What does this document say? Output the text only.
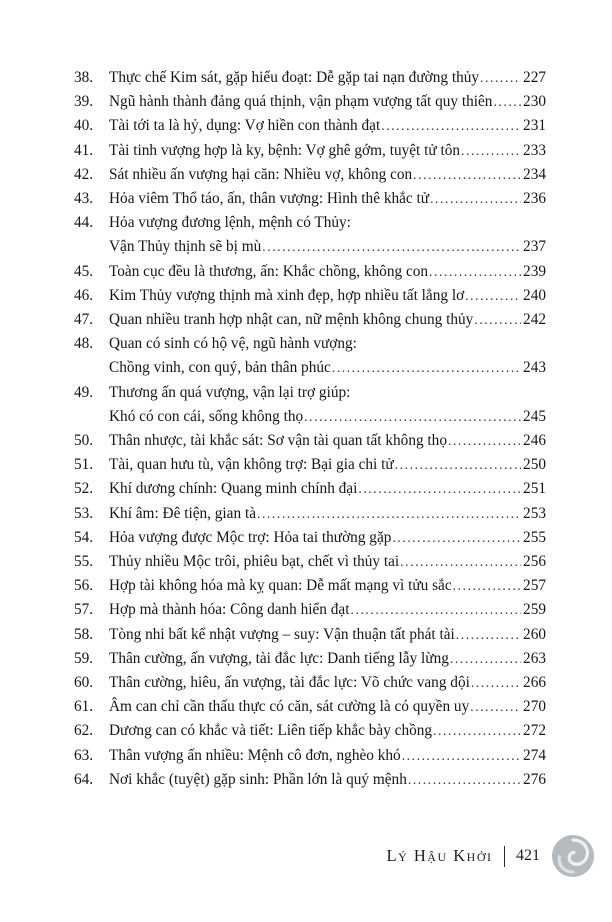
38.	Thực chế Kim sát, gặp hiểu đoạt: Dễ gặp tai nạn đường thủy .....	227
39.	Ngũ hành thành đảng quá thịnh, vận phạm vượng tất quy thiên ..... 230
40.	Tài tới ta là hỷ, dụng: Vợ hiền con thành đạt .....	231
41.	Tài tinh vượng hợp là ky, bệnh: Vợ ghê gớm, tuyệt tử tôn .....	233
42.	Sát nhiều ấn vượng hại căn: Nhiều vợ, không con .....	234
43.	Hỏa viêm Thổ táo, ấn, thân vượng: Hình thê khắc tử .....	236
44.	Hỏa vượng đương lệnh, mệnh có Thủy:
Vận Thủy thịnh sẽ bị mù .....	237
45.	Toàn cục đều là thương, ấn: Khắc chồng, không con .....	239
46.	Kim Thủy vượng thịnh mà xinh đẹp, hợp nhiều tất lẳng lơ .....	240
47.	Quan nhiều tranh hợp nhật can, nữ mệnh không chung thủy .....	242
48.	Quan có sinh có hộ vệ, ngũ hành vượng:
Chồng vinh, con quý, bản thân phúc .....	243
49.	Thương ấn quá vượng, vận lại trợ giúp:
Khó có con cái, sống không thọ .....	245
50.	Thân nhược, tài khắc sát: Sơ vận tài quan tất không thọ .....	246
51.	Tài, quan hưu tù, vận không trợ: Bại gia chi tử .....	250
52.	Khí dương chính: Quang minh chính đại .....	251
53.	Khí âm: Đê tiện, gian tà .....	253
54.	Hỏa vượng được Mộc trợ: Hỏa tai thường gặp .....	255
55.	Thủy nhiều Mộc trôi, phiêu bạt, chết vì thủy tai .....	256
56.	Hợp tài không hóa mà kỵ quan: Dễ mất mạng vì tửu sắc .....	257
57.	Hợp mà thành hóa: Công danh hiển đạt .....	259
58.	Tòng nhi bất kể nhật vượng – suy: Vận thuận tất phát tài .....	260
59.	Thân cường, ấn vượng, tài đắc lực: Danh tiếng lẫy lừng .....	263
60.	Thân cường, hiêu, ấn vượng, tài đắc lực: Võ chức vang dội .....	266
61.	Âm can chỉ cần thấu thực có căn, sát cường là có quyền uy .....	270
62.	Dương can có khắc và tiết: Liên tiếp khắc bày chồng .....	272
63.	Thân vượng ấn nhiều: Mệnh cô đơn, nghèo khó .....	274
64.	Nơi khắc (tuyệt) gặp sinh: Phần lớn là quý mệnh .....	276
Lý Hậu Khởi 421
